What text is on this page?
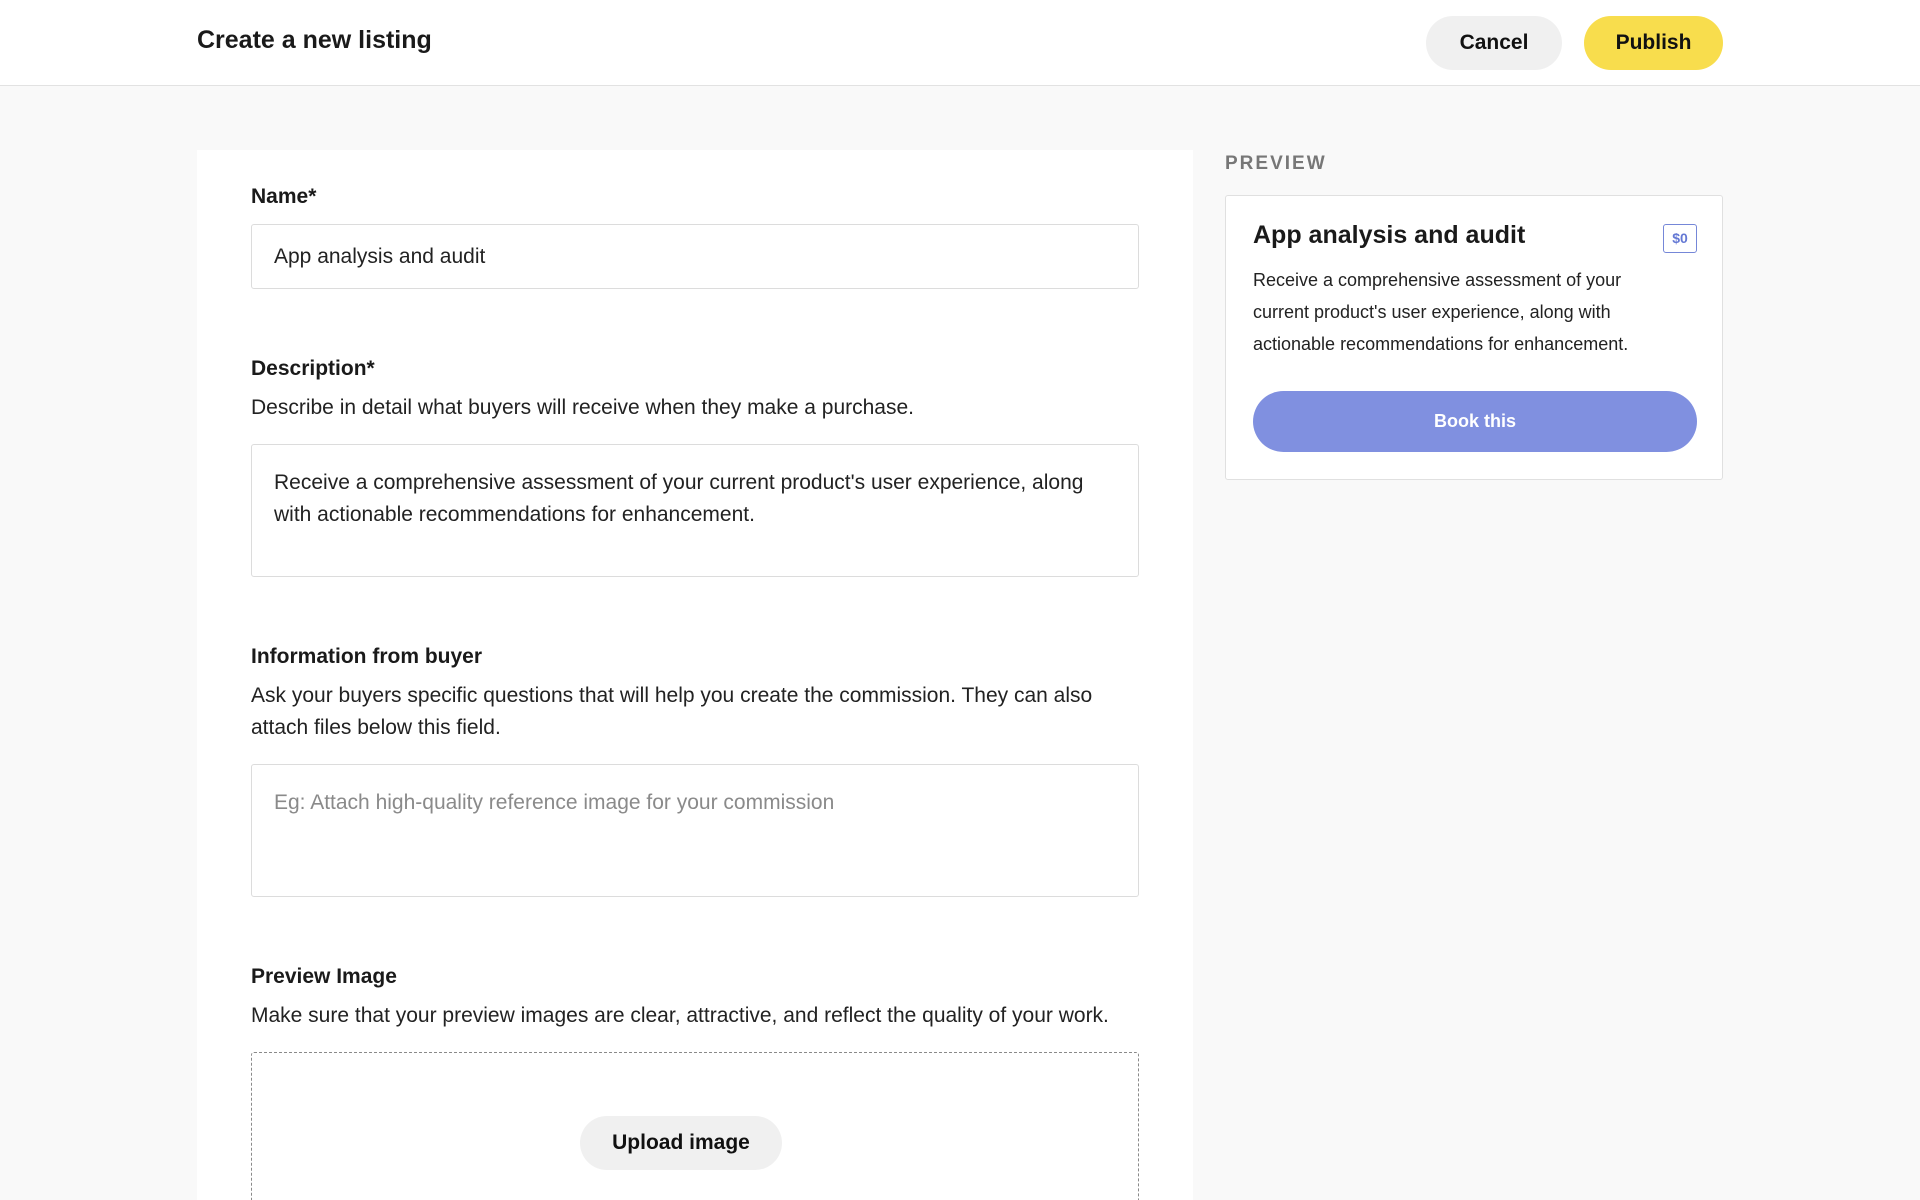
Create a new listing	Cancel	Publish
Name*
App analysis and audit
Description*

Describe in detail what buyers will receive when they make a purchase.

Receive a comprehensive assessment of your current product's user experience, along with actionable recommendations for enhancement.
Information from buyer

Ask your buyers specific questions that will help you create the commission. They can also attach files below this field.

Eg: Attach high-quality reference image for your commission
Preview Image

Make sure that your preview images are clear, attractive, and reflect the quality of your work.

Upload image
PREVIEW
App analysis and audit	$0

Receive a comprehensive assessment of your current product's user experience, along with actionable recommendations for enhancement.

Book this
